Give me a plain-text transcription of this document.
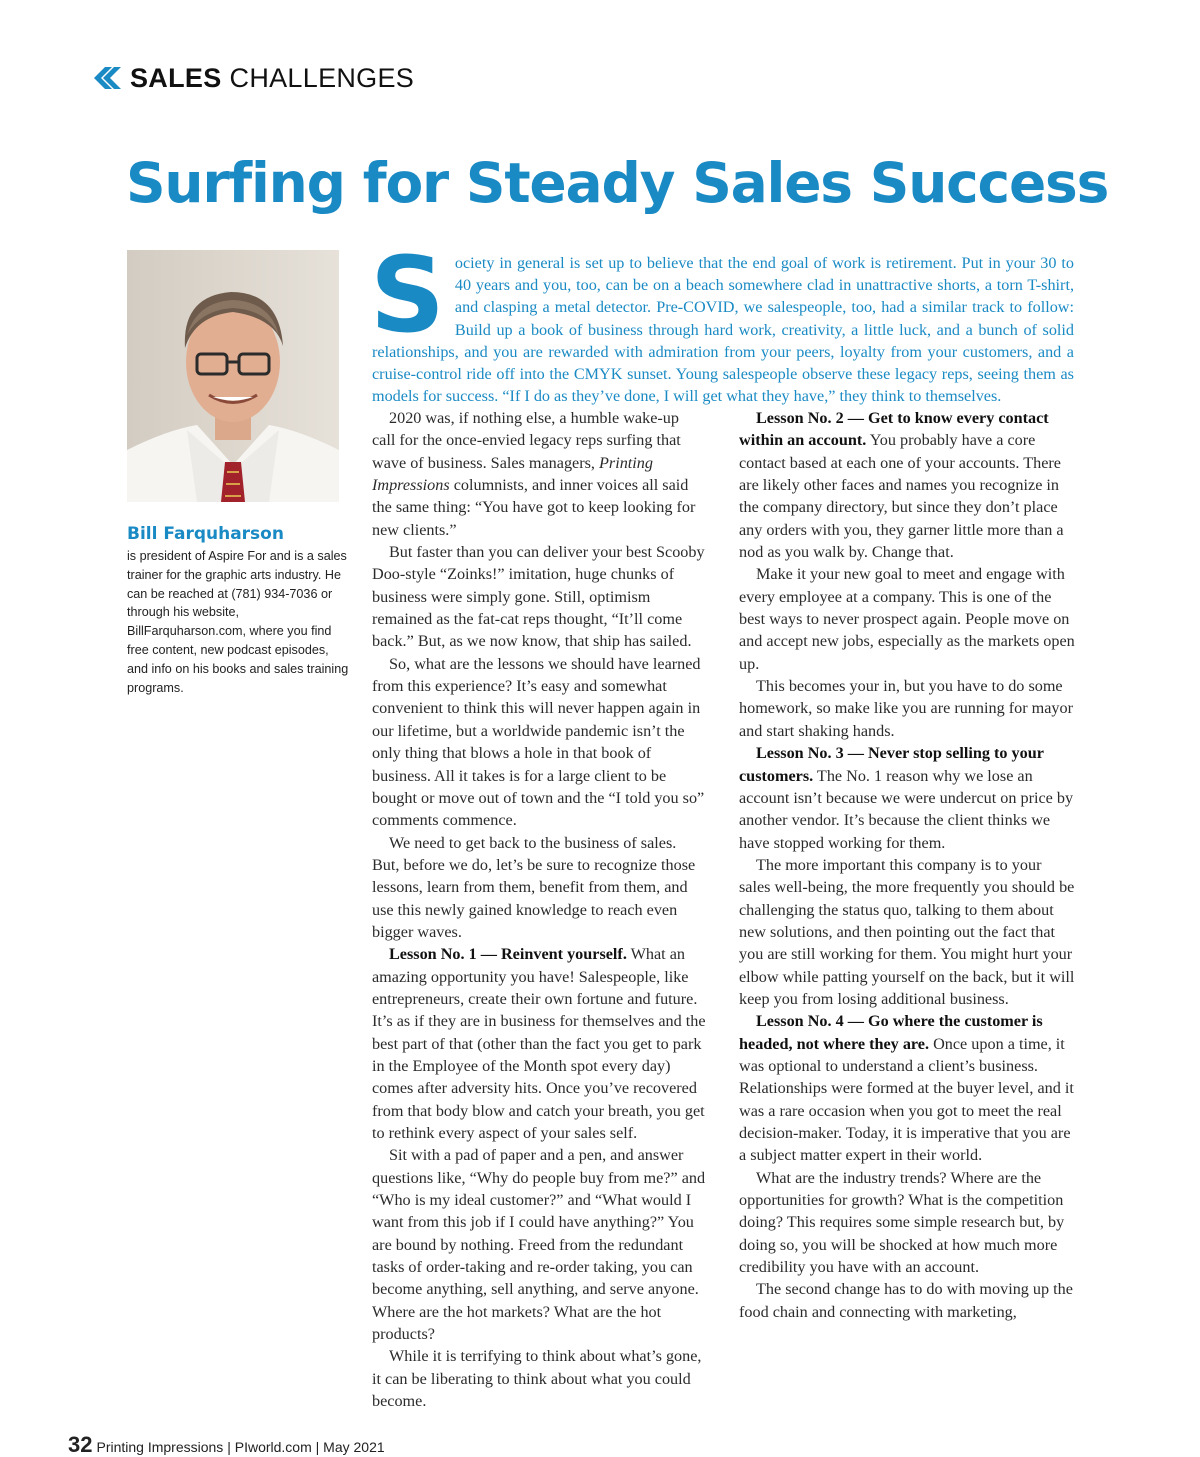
SALES CHALLENGES
Surfing for Steady Sales Success
Bill Farquharson
is president of Aspire For and is a sales trainer for the graphic arts industry. He can be reached at (781) 934-7036 or through his website, BillFarquharson.com, where you find free content, new podcast episodes, and info on his books and sales training programs.
Society in general is set up to believe that the end goal of work is retirement. Put in your 30 to 40 years and you, too, can be on a beach somewhere clad in unattractive shorts, a torn T-shirt, and clasping a metal detector. Pre-COVID, we salespeople, too, had a similar track to follow: Build up a book of business through hard work, creativity, a little luck, and a bunch of solid relationships, and you are rewarded with admiration from your peers, loyalty from your customers, and a cruise-control ride off into the CMYK sunset. Young salespeople observe these legacy reps, seeing them as models for success. “If I do as they’ve done, I will get what they have,” they think to themselves.

2020 was, if nothing else, a humble wake-up call for the once-envied legacy reps surfing that wave of business. Sales managers, Printing Impressions columnists, and inner voices all said the same thing: “You have got to keep looking for new clients.”

But faster than you can deliver your best Scooby Doo-style “Zoinks!” imitation, huge chunks of business were simply gone. Still, optimism remained as the fat-cat reps thought, “It’ll come back.” But, as we now know, that ship has sailed.

So, what are the lessons we should have learned from this experience? It’s easy and somewhat convenient to think this will never happen again in our lifetime, but a worldwide pandemic isn’t the only thing that blows a hole in that book of business. All it takes is for a large client to be bought or move out of town and the “I told you so” comments commence.

We need to get back to the business of sales. But, before we do, let’s be sure to recognize those lessons, learn from them, benefit from them, and use this newly gained knowledge to reach even bigger waves.

Lesson No. 1 — Reinvent yourself. What an amazing opportunity you have! Salespeople, like entrepreneurs, create their own fortune and future. It’s as if they are in business for themselves and the best part of that (other than the fact you get to park in the Employee of the Month spot every day) comes after adversity hits. Once you’ve recovered from that body blow and catch your breath, you get to rethink every aspect of your sales self.

Sit with a pad of paper and a pen, and answer questions like, “Why do people buy from me?” and “Who is my ideal customer?” and “What would I want from this job if I could have anything?” You are bound by nothing. Freed from the redundant tasks of order-taking and re-order taking, you can become anything, sell anything, and serve anyone. Where are the hot markets? What are the hot products?

While it is terrifying to think about what’s gone, it can be liberating to think about what you could become.

Lesson No. 2 — Get to know every contact within an account. You probably have a core contact based at each one of your accounts. There are likely other faces and names you recognize in the company directory, but since they don’t place any orders with you, they garner little more than a nod as you walk by. Change that.

Make it your new goal to meet and engage with every employee at a company. This is one of the best ways to never prospect again. People move on and accept new jobs, especially as the markets open up.

This becomes your in, but you have to do some homework, so make like you are running for mayor and start shaking hands.

Lesson No. 3 — Never stop selling to your customers. The No. 1 reason why we lose an account isn’t because we were undercut on price by another vendor. It’s because the client thinks we have stopped working for them.

The more important this company is to your sales well-being, the more frequently you should be challenging the status quo, talking to them about new solutions, and then pointing out the fact that you are still working for them. You might hurt your elbow while patting yourself on the back, but it will keep you from losing additional business.

Lesson No. 4 — Go where the customer is headed, not where they are. Once upon a time, it was optional to understand a client’s business. Relationships were formed at the buyer level, and it was a rare occasion when you got to meet the real decision-maker. Today, it is imperative that you are a subject matter expert in their world.

What are the industry trends? Where are the opportunities for growth? What is the competition doing? This requires some simple research but, by doing so, you will be shocked at how much more credibility you have with an account.

The second change has to do with moving up the food chain and connecting with marketing,

32 Printing Impressions | PIworld.com | May 2021
